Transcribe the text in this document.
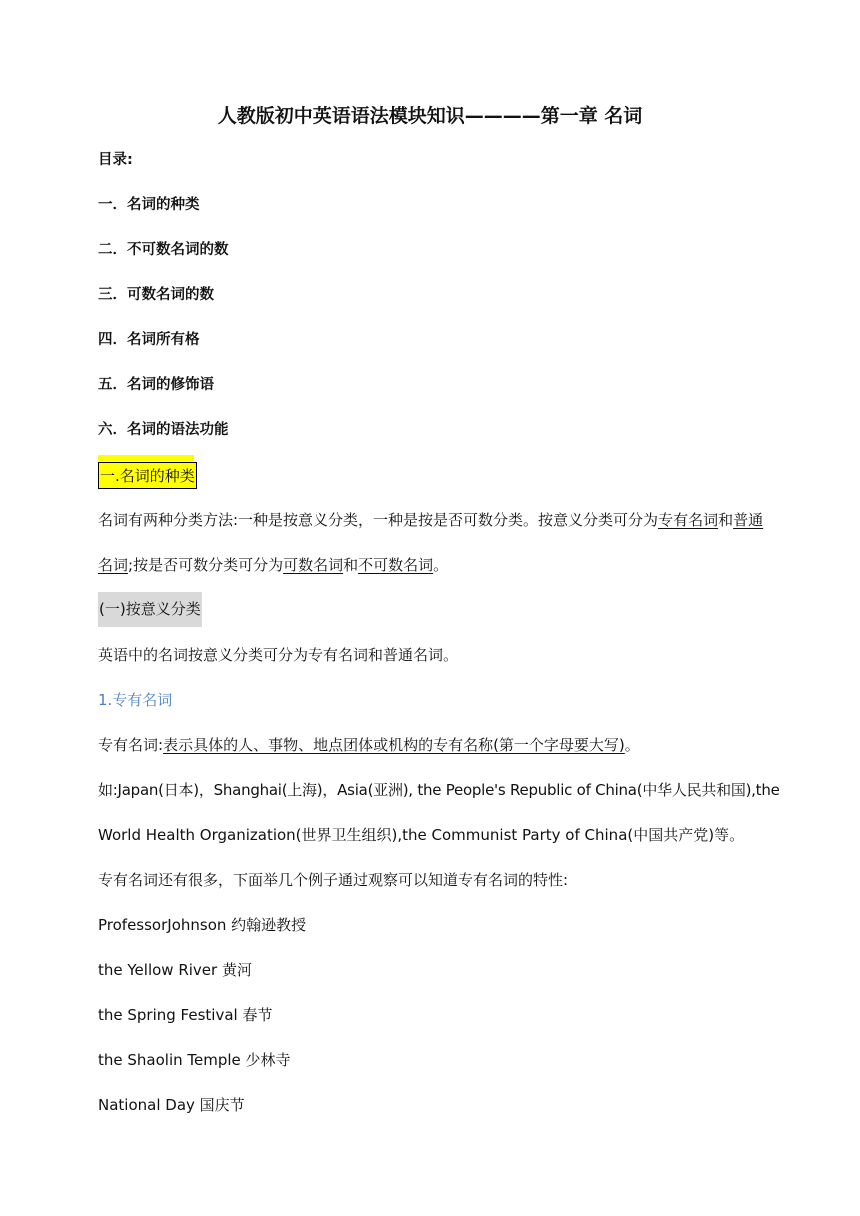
人教版初中英语语法模块知识————第一章 名词
目录:
一．名词的种类
二．不可数名词的数
三．可数名词的数
四．名词所有格
五．名词的修饰语
六．名词的语法功能
一.名词的种类
名词有两种分类方法:一种是按意义分类，一种是按是否可数分类。按意义分类可分为专有名词和普通
名词;按是否可数分类可分为可数名词和不可数名词。
(一)按意义分类
英语中的名词按意义分类可分为专有名词和普通名词。
1.专有名词
专有名词:表示具体的人、事物、地点团体或机构的专有名称(第一个字母要大写)。
如:Japan(日本)，Shanghai(上海)，Asia(亚洲), the People's Republic of China(中华人民共和国),the
World Health Organization(世界卫生组织),the Communist Party of China(中国共产党)等。
专有名词还有很多，下面举几个例子通过观察可以知道专有名词的特性:
ProfessorJohnson 约翰逊教授
the Yellow River 黄河
the Spring Festival 春节
the Shaolin Temple 少林寺
National Day 国庆节
